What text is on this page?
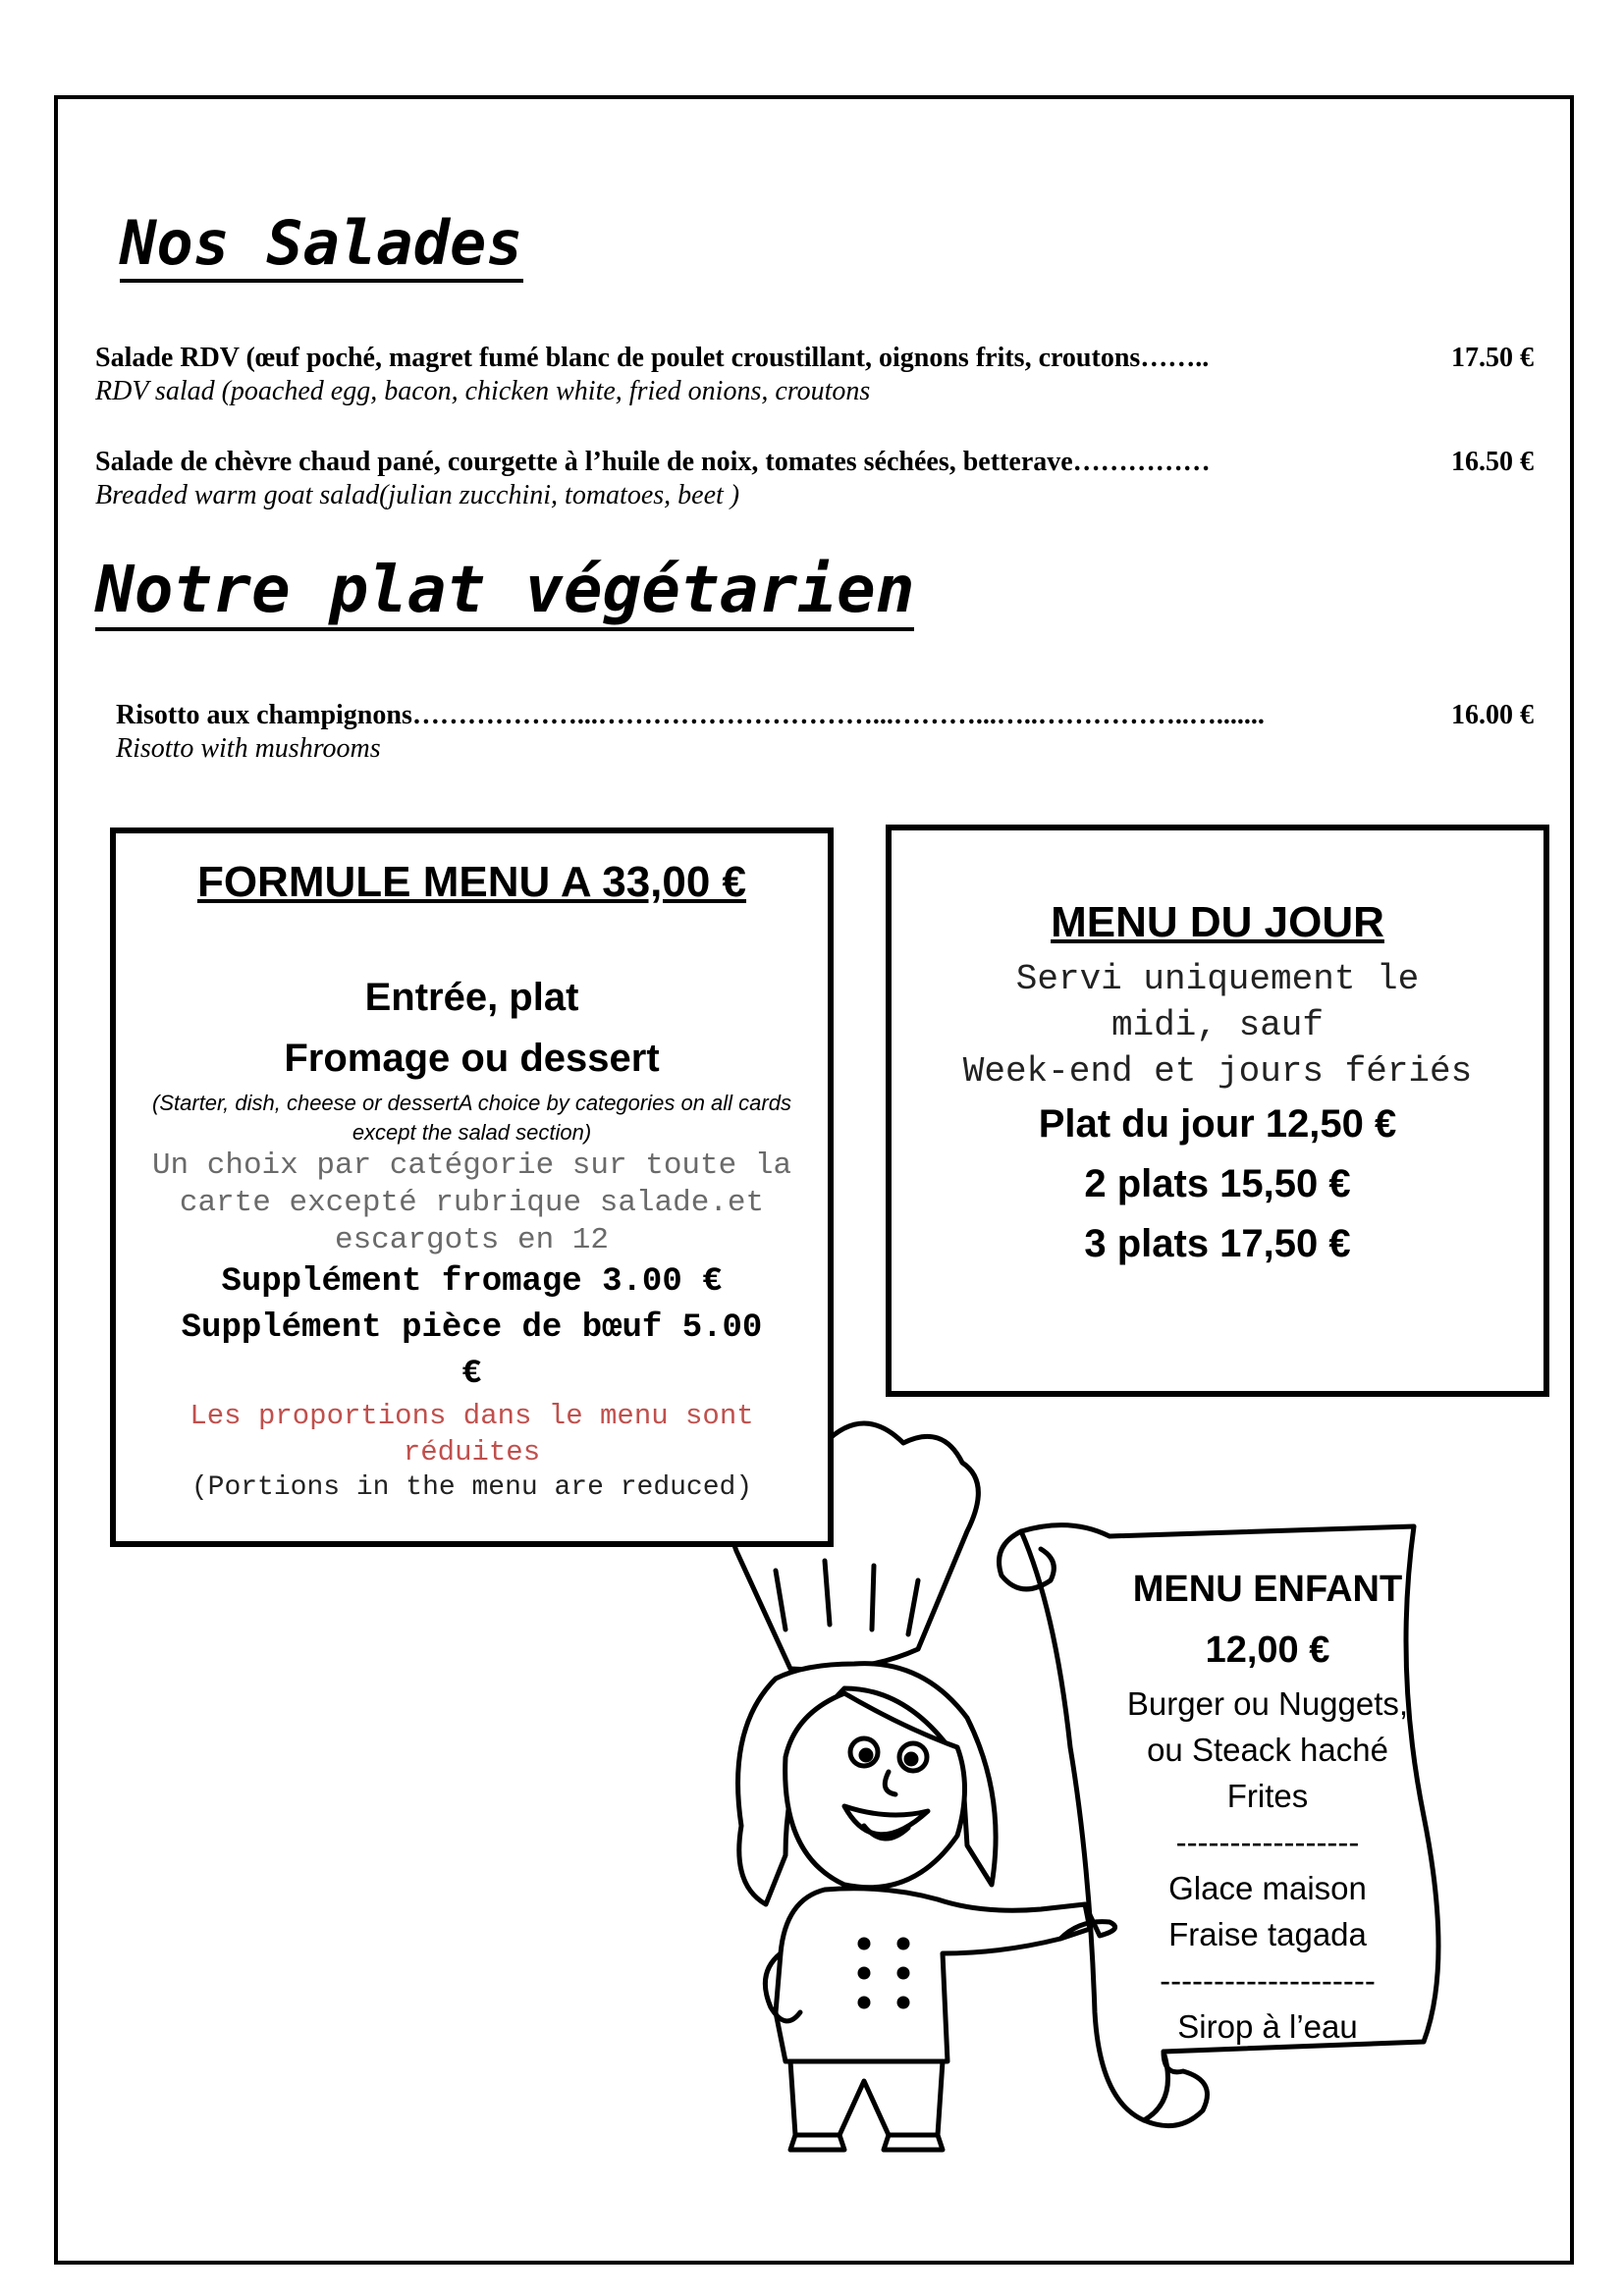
Nos Salades
Salade RDV (œuf poché, magret fumé blanc de poulet croustillant, oignons frits, croutons ……..	17.50 €
RDV salad (poached egg, bacon, chicken white, fried onions, croutons
Salade de chèvre chaud pané, courgette à l’huile de noix, tomates séchées, betterave ……………	16.50 €
Breaded warm goat salad(julian zucchini, tomatoes, beet )
Notre plat végétarien
Risotto aux champignons ………………...…………………………...………...…..……………..….......	16.00 €
Risotto with mushrooms
FORMULE MENU A 33,00 €
Entrée, plat
Fromage ou dessert
(Starter, dish, cheese or dessertA choice by categories on all cards except the salad section)
Un choix par catégorie sur toute la carte excepté rubrique salade.et escargots en 12
Supplément fromage 3.00 €
Supplément pièce de bœuf 5.00 €
Les proportions dans le menu sont réduites
(Portions in the menu are reduced)
MENU DU JOUR
Servi uniquement le midi, sauf
Week-end et jours fériés
Plat du jour 12,50 €
2 plats 15,50 €
3 plats 17,50 €
MENU ENFANT
12,00 €
Burger ou Nuggets,
ou Steack haché
Frites
-----------------
Glace maison
Fraise tagada
--------------------
Sirop à l’eau
